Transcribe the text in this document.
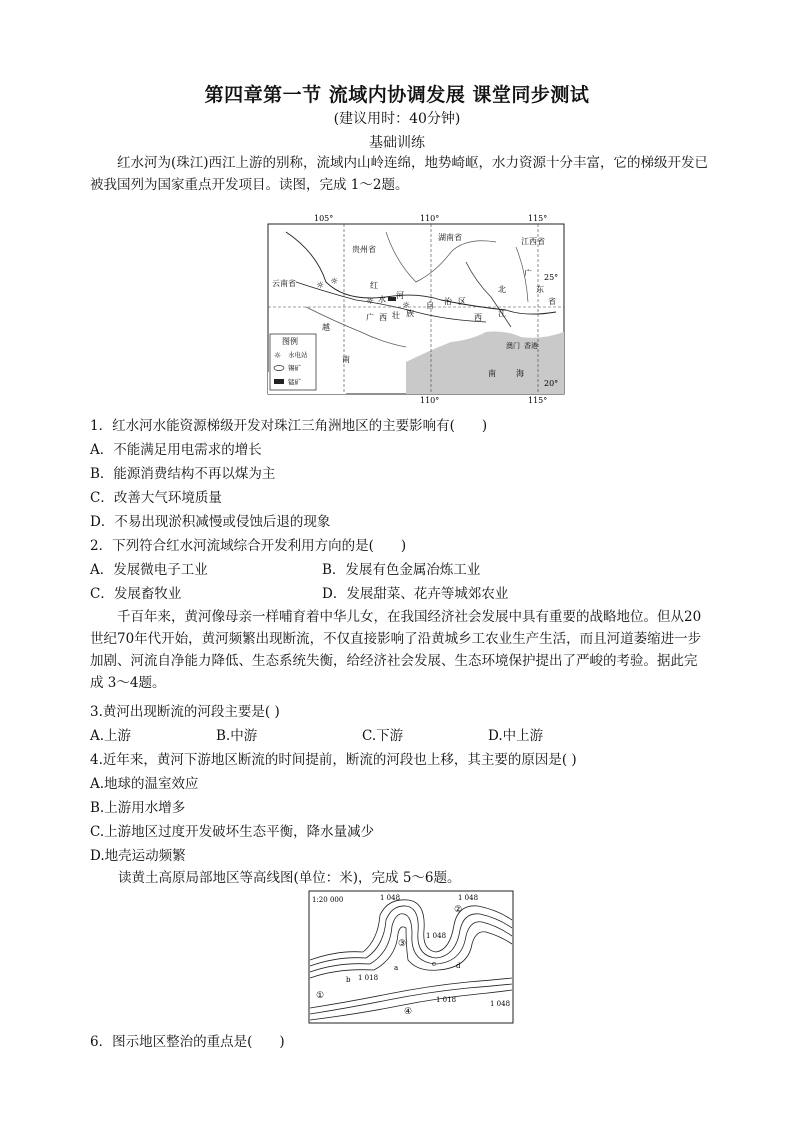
第四章第一节 流域内协调发展 课堂同步测试
(建议用时：40分钟)
基础训练
红水河为(珠江)西江上游的别称，流域内山岭连绵，地势崎岖，水力资源十分丰富，它的梯级开发已被我国列为国家重点开发项目。读图，完成 1～2题。
105°	110°	115°
110°	115°
25°
20°
贵州省
湖南省	江西省
云南省	红
水 河
广 西 壮 族
自 治 区
北
江
广
东
省
西
越
南
澳门 香港
南	海
☼ ☼
☼	☼
图例
☼ 水电站
锡矿
锰矿
1．红水河水能资源梯级开发对珠江三角洲地区的主要影响有(　　)
A．不能满足用电需求的增长
B．能源消费结构不再以煤为主
C．改善大气环境质量
D．不易出现淤积减慢或侵蚀后退的现象
2．下列符合红水河流域综合开发利用方向的是(　　)
A．发展微电子工业	B．发展有色金属冶炼工业
C．发展畜牧业	D．发展甜菜、花卉等城郊农业
千百年来，黄河像母亲一样哺育着中华儿女，在我国经济社会发展中具有重要的战略地位。但从20世纪70年代开始，黄河频繁出现断流，不仅直接影响了沿黄城乡工农业生产生活，而且河道萎缩进一步加剧、河流自净能力降低、生态系统失衡，给经济社会发展、生态环境保护提出了严峻的考验。据此完成 3～4题。
3.黄河出现断流的河段主要是( )
A.上游	B.中游	C.下游	D.中上游
4.近年来，黄河下游地区断流的时间提前，断流的河段也上移，其主要的原因是( )
A.地球的温室效应
B.上游用水增多
C.上游地区过度开发破坏生态平衡，降水量减少
D.地壳运动频繁
读黄土高原局部地区等高线图(单位：米)，完成 5～6题。
1:20 000	1 048	1 048
1 048
1 018
1 018	1 048
①
②
③
④
a
b
c	d
6．图示地区整治的重点是(　　)
